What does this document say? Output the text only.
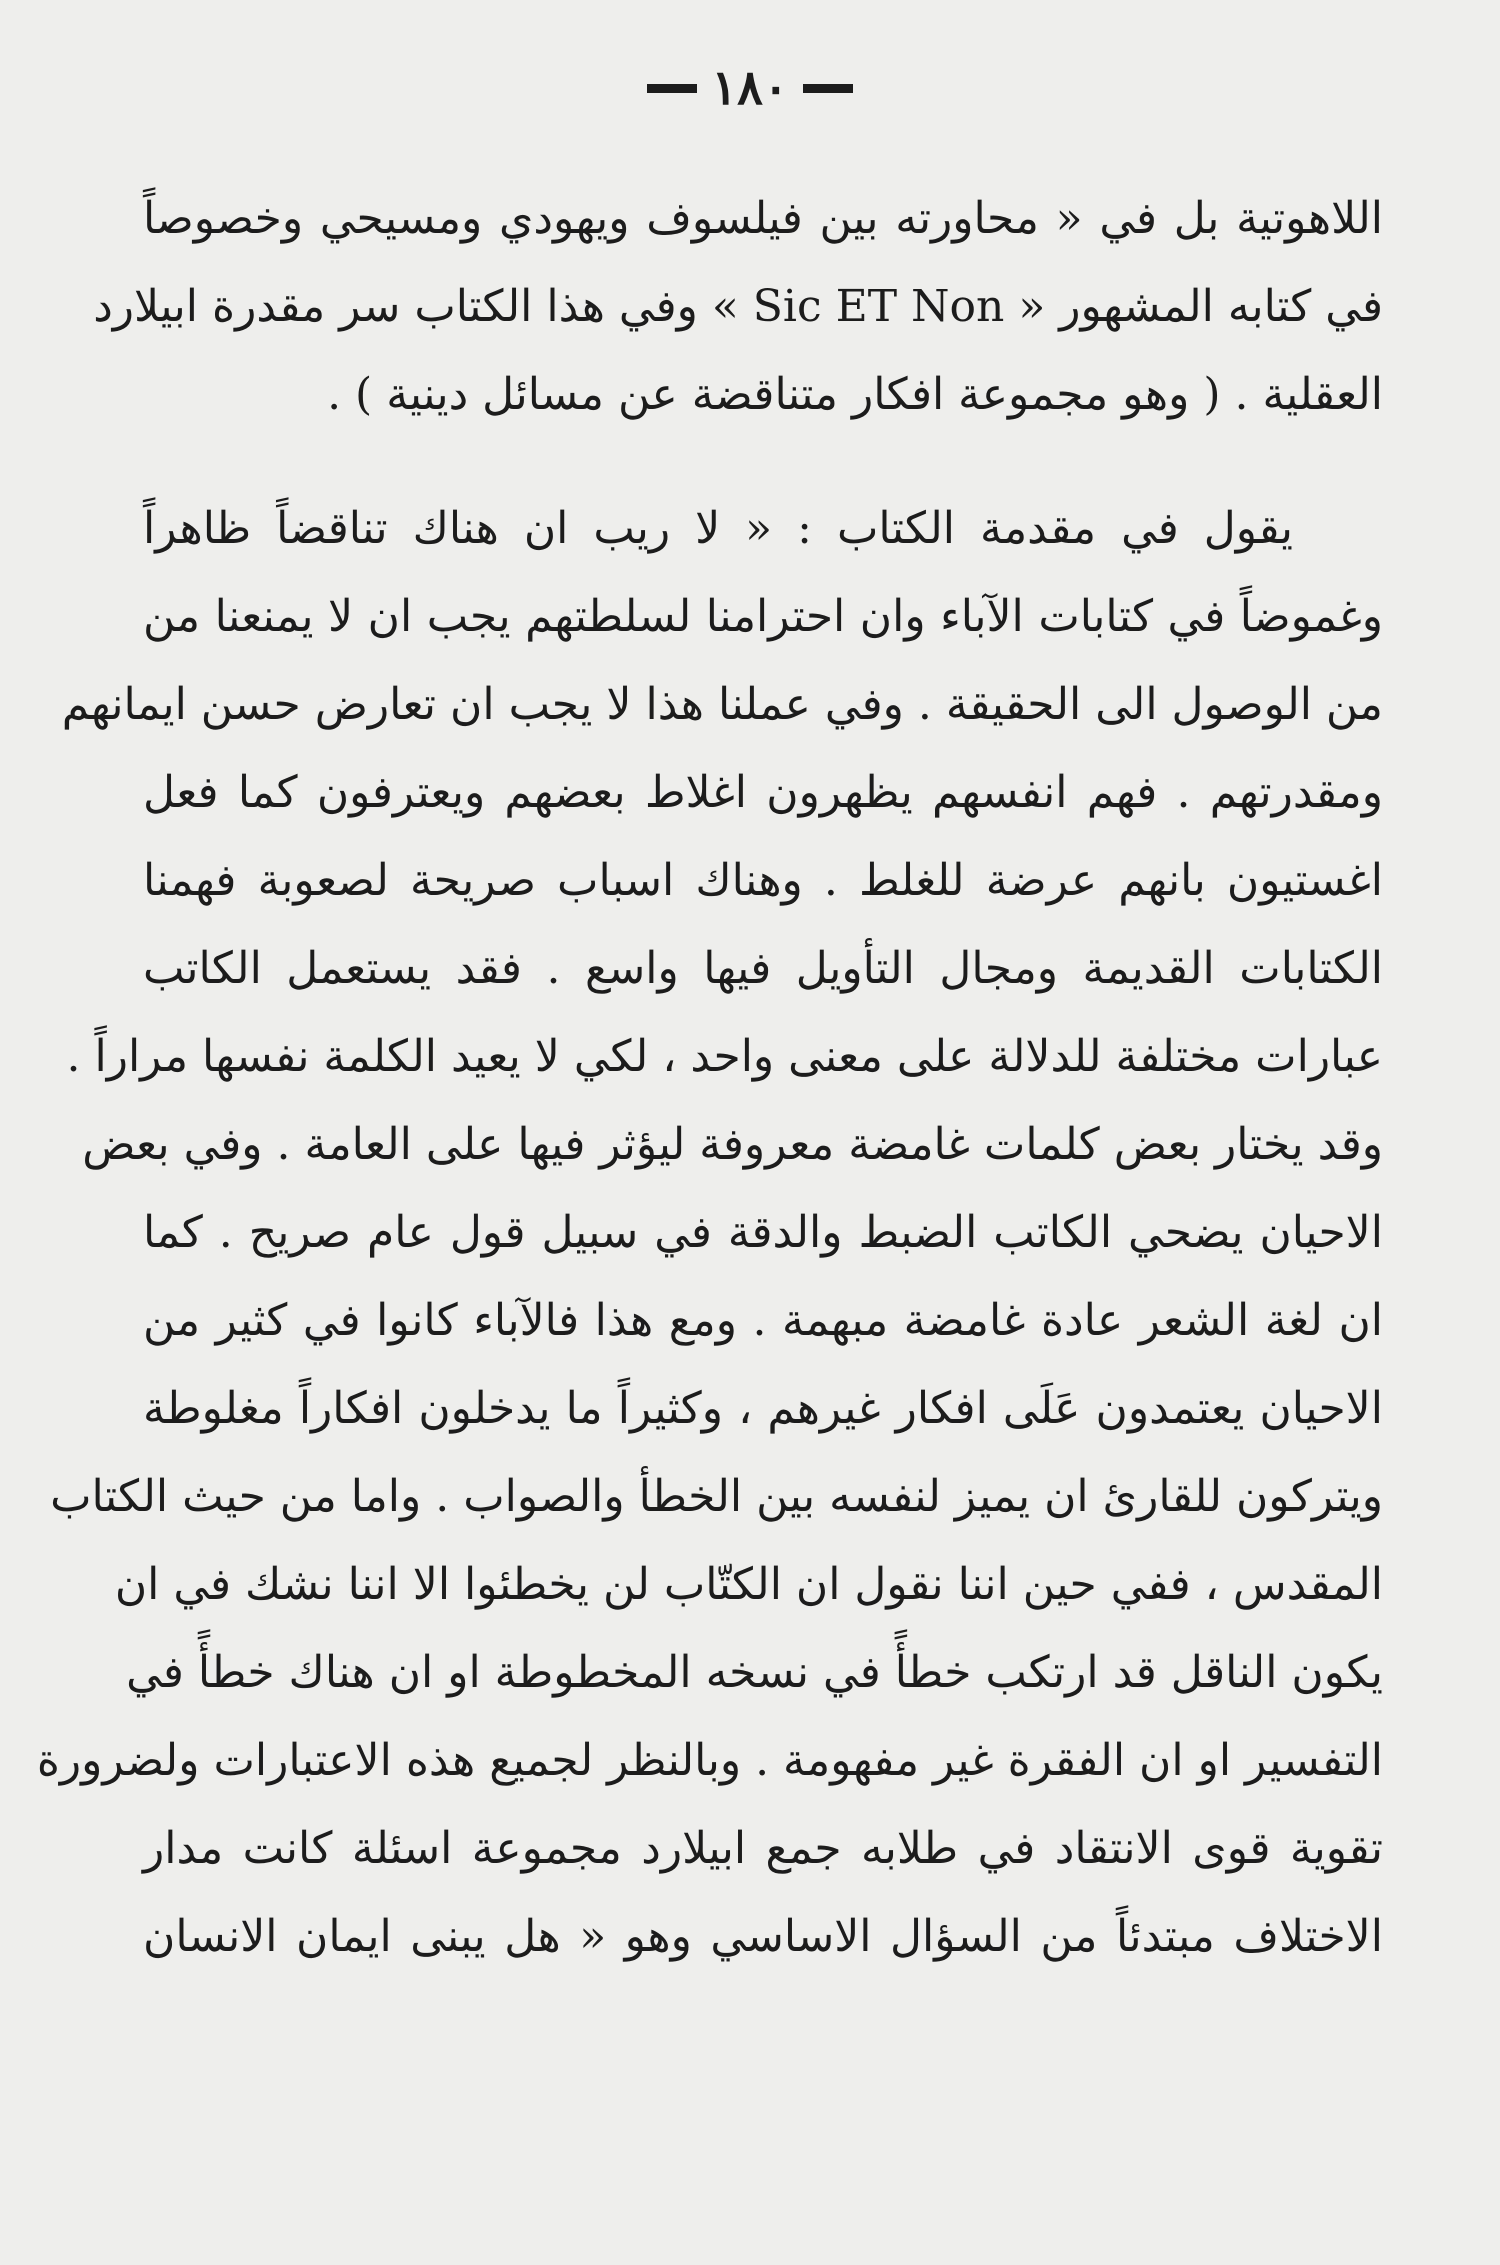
١٨٠
اللاهوتية بل في « محاورته بين فيلسوف ويهودي ومسيحي وخصوصاً
في كتابه المشهور « Sic ET Non » وفي هذا الكتاب سر مقدرة ابيلارد
العقلية . ( وهو مجموعة افكار متناقضة عن مسائل دينية ) .
يقول في مقدمة الكتاب : « لا ريب ان هناك تناقضاً ظاهراً
وغموضاً في كتابات الآباء وان احترامنا لسلطتهم يجب ان لا يمنعنا من
من الوصول الى الحقيقة . وفي عملنا هذا لا يجب ان تعارض حسن ايمانهم
ومقدرتهم . فهم انفسهم يظهرون اغلاط بعضهم ويعترفون كما فعل
اغستيون بانهم عرضة للغلط . وهناك اسباب صريحة لصعوبة فهمنا
الكتابات القديمة ومجال التأويل فيها واسع . فقد يستعمل الكاتب
عبارات مختلفة للدلالة على معنى واحد ، لكي لا يعيد الكلمة نفسها مراراً .
وقد يختار بعض كلمات غامضة معروفة ليؤثر فيها على العامة . وفي بعض
الاحيان يضحي الكاتب الضبط والدقة في سبيل قول عام صريح . كما
ان لغة الشعر عادة غامضة مبهمة . ومع هذا فالآباء كانوا في كثير من
الاحيان يعتمدون عَلَى افكار غيرهم ، وكثيراً ما يدخلون افكاراً مغلوطة
ويتركون للقارئ ان يميز لنفسه بين الخطأ والصواب . واما من حيث الكتاب
المقدس ، ففي حين اننا نقول ان الكتّاب لن يخطئوا الا اننا نشك في ان
يكون الناقل قد ارتكب خطأً في نسخه المخطوطة او ان هناك خطأً في
التفسير او ان الفقرة غير مفهومة . وبالنظر لجميع هذه الاعتبارات ولضرورة
تقوية قوى الانتقاد في طلابه جمع ابيلارد مجموعة اسئلة كانت مدار
الاختلاف مبتدئاً من السؤال الاساسي وهو « هل يبنى ايمان الانسان
